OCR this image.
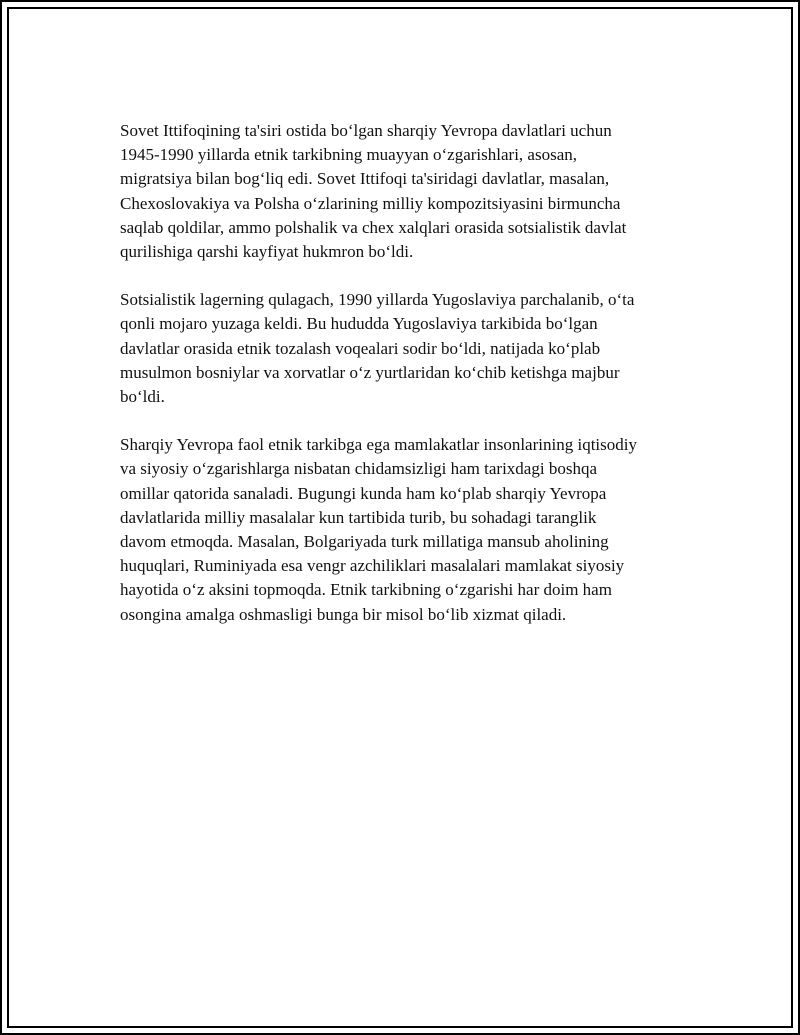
Sovet Ittifoqining ta'siri ostida bo‘lgan sharqiy Yevropa davlatlari uchun
1945-1990 yillarda etnik tarkibning muayyan o‘zgarishlari, asosan,
migratsiya bilan bog‘liq edi. Sovet Ittifoqi ta'siridagi davlatlar, masalan,
Chexoslovakiya va Polsha o‘zlarining milliy kompozitsiyasini birmuncha
saqlab qoldilar, ammo polshalik va chex xalqlari orasida sotsialistik davlat
qurilishiga qarshi kayfiyat hukmron bo‘ldi.

Sotsialistik lagerning qulagach, 1990 yillarda Yugoslaviya parchalanib, o‘ta
qonli mojaro yuzaga keldi. Bu hududda Yugoslaviya tarkibida bo‘lgan
davlatlar orasida etnik tozalash voqealari sodir bo‘ldi, natijada ko‘plab
musulmon bosniylar va xorvatlar o‘z yurtlaridan ko‘chib ketishga majbur
bo‘ldi.

Sharqiy Yevropa faol etnik tarkibga ega mamlakatlar insonlarining iqtisodiy
va siyosiy o‘zgarishlarga nisbatan chidamsizligi ham tarixdagi boshqa
omillar qatorida sanaladi. Bugungi kunda ham ko‘plab sharqiy Yevropa
davlatlarida milliy masalalar kun tartibida turib, bu sohadagi taranglik
davom etmoqda. Masalan, Bolgariyada turk millatiga mansub aholining
huquqlari, Ruminiyada esa vengr azchiliklari masalalari mamlakat siyosiy
hayotida o‘z aksini topmoqda. Etnik tarkibning o‘zgarishi har doim ham
osongina amalga oshmasligi bunga bir misol bo‘lib xizmat qiladi.
